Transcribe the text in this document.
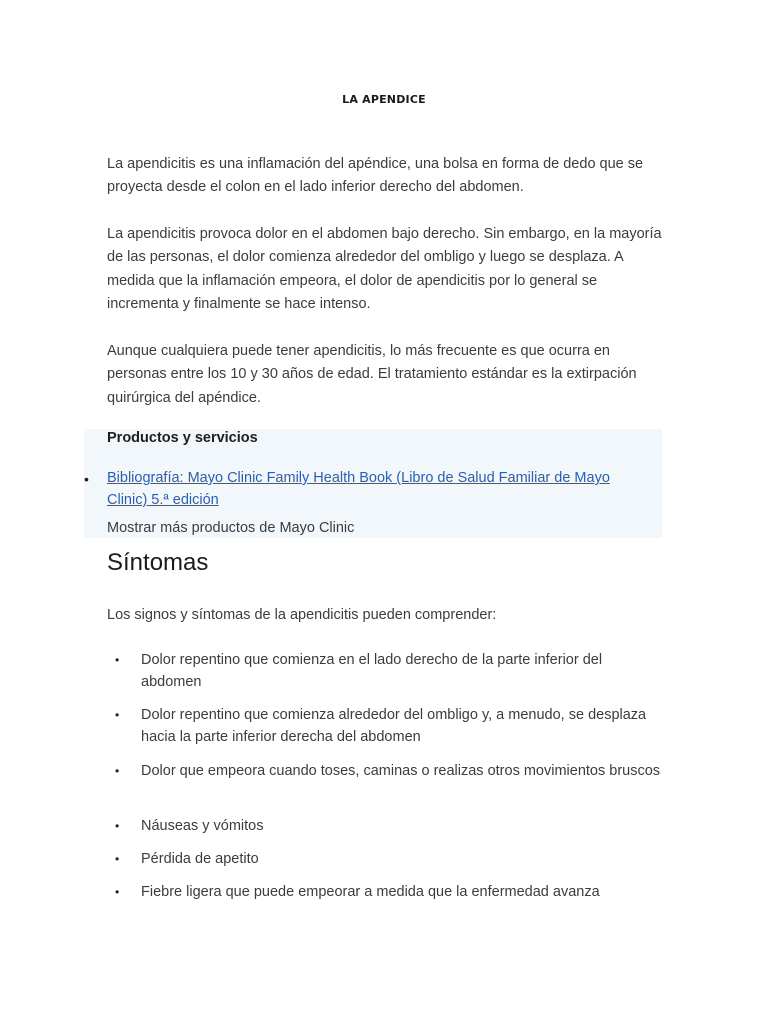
LA APENDICE

La apendicitis es una inflamación del apéndice, una bolsa en forma de dedo que se proyecta desde el colon en el lado inferior derecho del abdomen.

La apendicitis provoca dolor en el abdomen bajo derecho. Sin embargo, en la mayoría de las personas, el dolor comienza alrededor del ombligo y luego se desplaza. A medida que la inflamación empeora, el dolor de apendicitis por lo general se incrementa y finalmente se hace intenso.

Aunque cualquiera puede tener apendicitis, lo más frecuente es que ocurra en personas entre los 10 y 30 años de edad. El tratamiento estándar es la extirpación quirúrgica del apéndice.

Productos y servicios
• Bibliografía: Mayo Clinic Family Health Book (Libro de Salud Familiar de Mayo Clinic) 5.ª edición
Mostrar más productos de Mayo Clinic
Síntomas
Los signos y síntomas de la apendicitis pueden comprender:
• Dolor repentino que comienza en el lado derecho de la parte inferior del abdomen
• Dolor repentino que comienza alrededor del ombligo y, a menudo, se desplaza hacia la parte inferior derecha del abdomen
• Dolor que empeora cuando toses, caminas o realizas otros movimientos bruscos
• Náuseas y vómitos
• Pérdida de apetito
• Fiebre ligera que puede empeorar a medida que la enfermedad avanza
